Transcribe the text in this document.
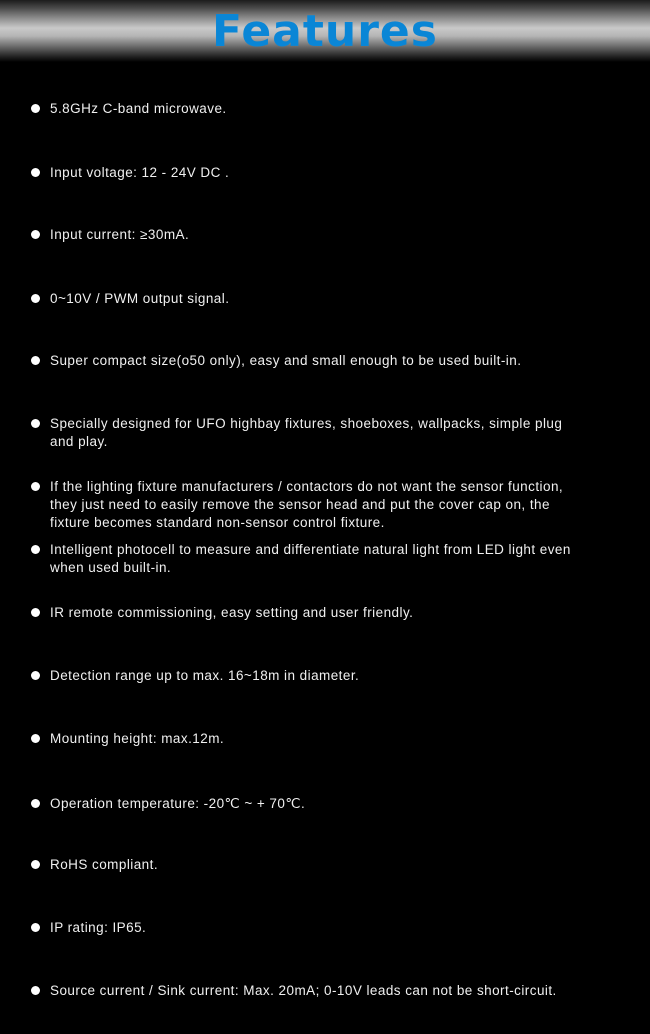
Features
5.8GHz C-band microwave.
Input voltage: 12 - 24V DC .
Input current: ≥30mA.
0~10V / PWM output signal.
Super compact size(ο50 only), easy and small enough to be used built-in.
Specially designed for UFO highbay fixtures, shoeboxes, wallpacks, simple plug
and play.
If the lighting fixture manufacturers / contactors do not want the sensor function,
they just need to easily remove the sensor head and put the cover cap on, the
fixture becomes standard non-sensor control fixture.
Intelligent photocell to measure and differentiate natural light from LED light even
when used built-in.
IR remote commissioning, easy setting and user friendly.
Detection range up to max. 16~18m in diameter.
Mounting height: max.12m.
Operation temperature: -20℃ ~ + 70℃.
RoHS compliant.
IP rating: IP65.
Source current / Sink current: Max. 20mA; 0-10V leads can not be short-circuit.
